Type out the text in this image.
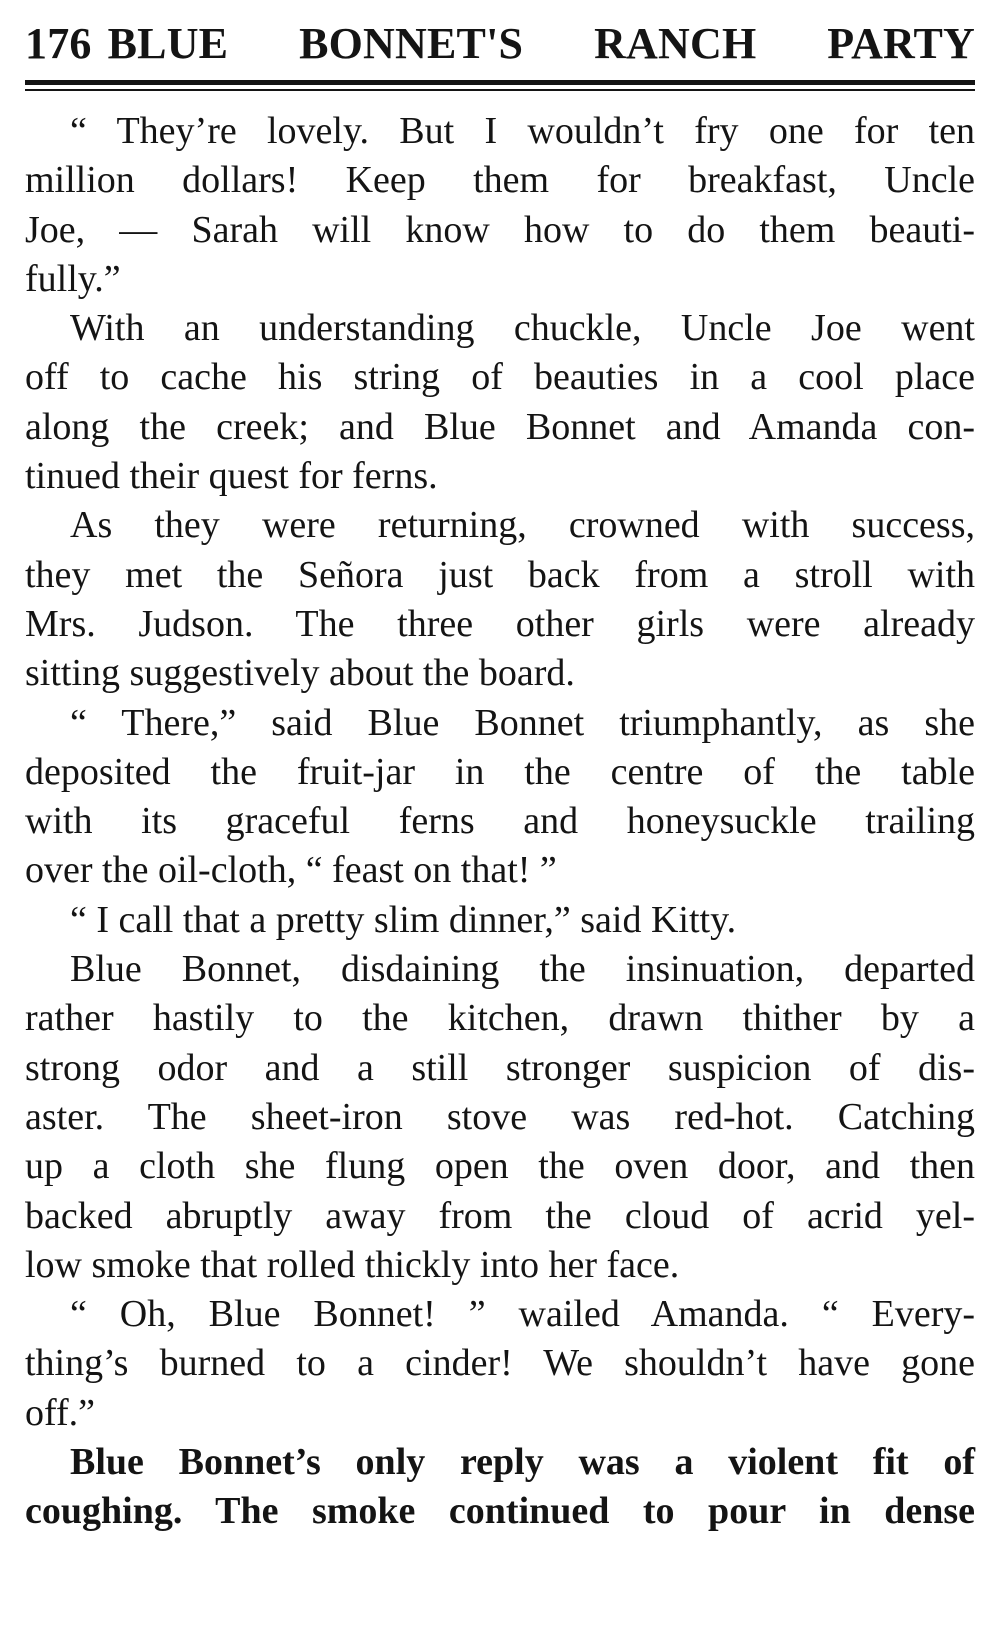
176 BLUE BONNET'S RANCH PARTY
“ They’re lovely. But I wouldn’t fry one for ten
million dollars! Keep them for breakfast, Uncle
Joe, — Sarah will know how to do them beauti-
fully.”
With an understanding chuckle, Uncle Joe went
off to cache his string of beauties in a cool place
along the creek; and Blue Bonnet and Amanda con-
tinued their quest for ferns.
As they were returning, crowned with success,
they met the Señora just back from a stroll with
Mrs. Judson. The three other girls were already
sitting suggestively about the board.
“ There,” said Blue Bonnet triumphantly, as she
deposited the fruit-jar in the centre of the table
with its graceful ferns and honeysuckle trailing
over the oil-cloth, “ feast on that! ”
“ I call that a pretty slim dinner,” said Kitty.
Blue Bonnet, disdaining the insinuation, departed
rather hastily to the kitchen, drawn thither by a
strong odor and a still stronger suspicion of dis-
aster. The sheet-iron stove was red-hot. Catching
up a cloth she flung open the oven door, and then
backed abruptly away from the cloud of acrid yel-
low smoke that rolled thickly into her face.
“ Oh, Blue Bonnet! ” wailed Amanda. “ Every-
thing’s burned to a cinder! We shouldn’t have gone
off.”
Blue Bonnet’s only reply was a violent fit of
coughing. The smoke continued to pour in dense
